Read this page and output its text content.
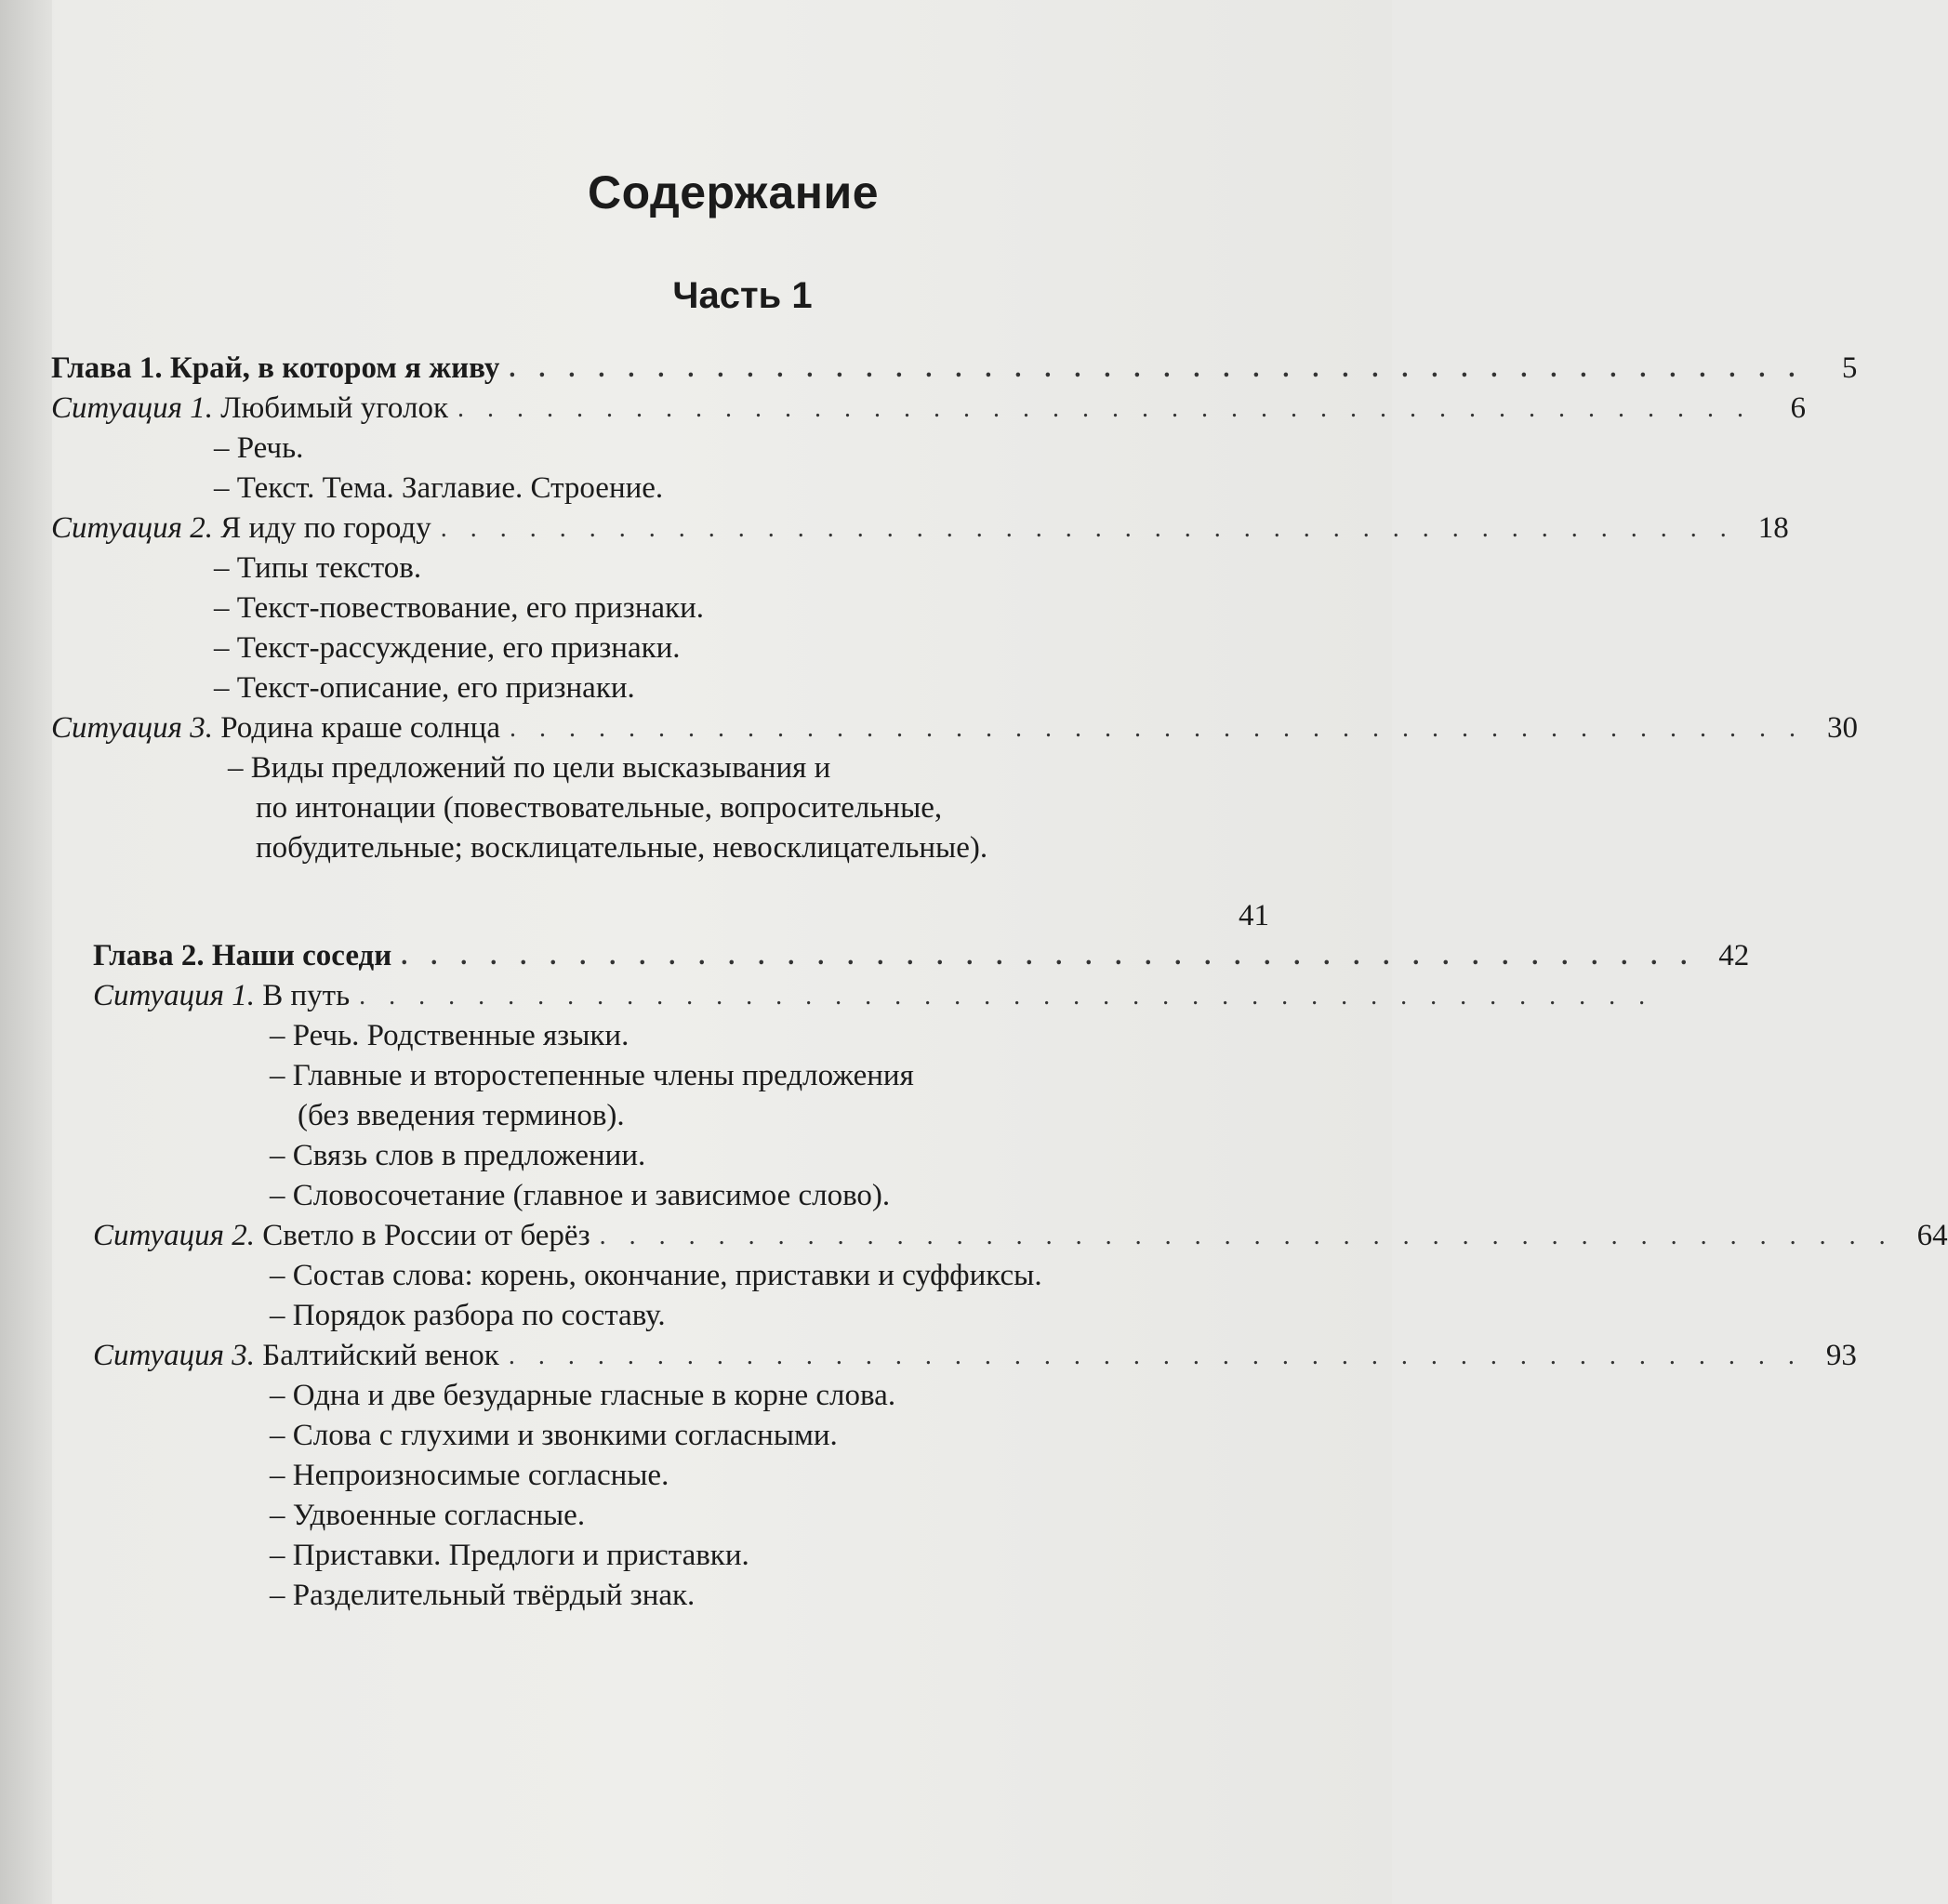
Содержание
Часть 1
Глава 1. Край, в котором я живу . . . . . . . . . . . . . . . . . . . . . . . . . . . . . . . . . . . . . . . . . . . .	5
Ситуация 1. Любимый уголок . . . . . . . . . . . . . . . . . . . . . . . . . . . . . . . . . . . . . . . . . . . .	6
– Речь.
– Текст. Тема. Заглавие. Строение.
Ситуация 2. Я иду по городу . . . . . . . . . . . . . . . . . . . . . . . . . . . . . . . . . . . . . . . . . . . . 18
– Типы текстов.
– Текст-повествование, его признаки.
– Текст-рассуждение, его признаки.
– Текст-описание, его признаки.
Ситуация 3. Родина краше солнца . . . . . . . . . . . . . . . . . . . . . . . . . . . . . . . . . . . . . . . . . . . . 30
– Виды предложений по цели высказывания и
по интонации (повествовательные, вопросительные,
побудительные; восклицательные, невосклицательные).
41
Глава 2. Наши соседи . . . . . . . . . . . . . . . . . . . . . . . . . . . . . . . . . . . . . . . . . . . . 42
Ситуация 1. В путь . . . . . . . . . . . . . . . . . . . . . . . . . . . . . . . . . . . . . . . . . . . .
– Речь. Родственные языки.
– Главные и второстепенные члены предложения
(без введения терминов).
– Связь слов в предложении.
– Словосочетание (главное и зависимое слово).
Ситуация 2. Светло в России от берёз . . . . . . . . . . . . . . . . . . . . . . . . . . . . . . . . . . . . . . . . . . . . 64
– Состав слова: корень, окончание, приставки и суффиксы.
– Порядок разбора по составу.
Ситуация 3. Балтийский венок . . . . . . . . . . . . . . . . . . . . . . . . . . . . . . . . . . . . . . . . . . . . 93
– Одна и две безударные гласные в корне слова.
– Слова с глухими и звонкими согласными.
– Непроизносимые согласные.
– Удвоенные согласные.
– Приставки. Предлоги и приставки.
– Разделительный твёрдый знак.
